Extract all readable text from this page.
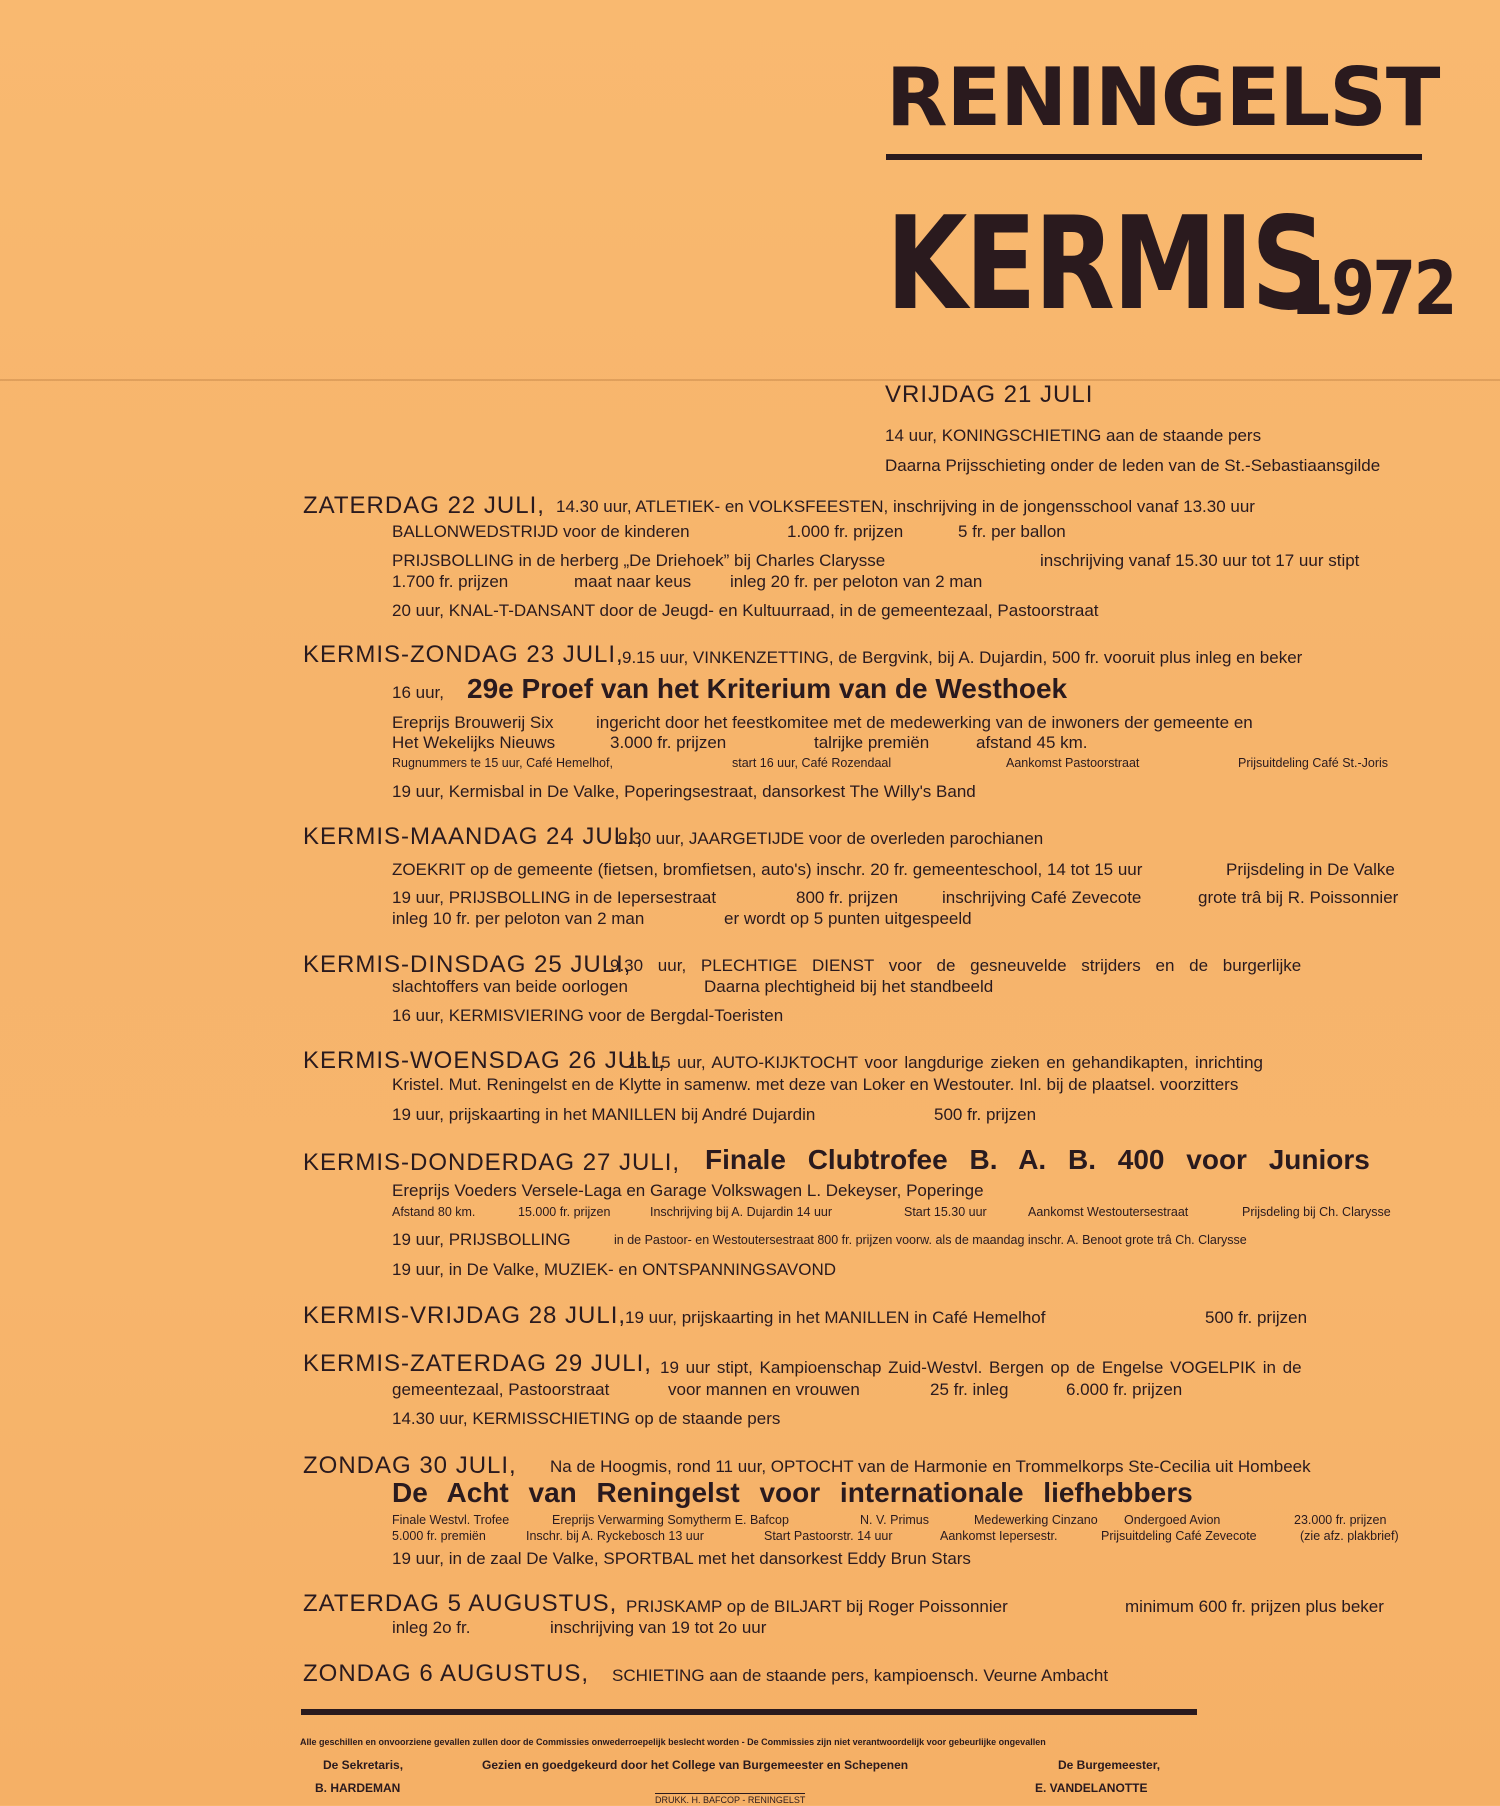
RENINGELST
KERMIS
1972
VRIJDAG 21 JULI
14 uur, KONINGSCHIETING aan de staande pers
Daarna Prijsschieting onder de leden van de St.-Sebastiaansgilde
ZATERDAG 22 JULI, 14.30 uur, ATLETIEK- en VOLKSFEESTEN, inschrijving in de jongensschool vanaf 13.30 uur
BALLONWEDSTRIJD voor de kinderen	1.000 fr. prijzen	5 fr. per ballon
PRIJSBOLLING in de herberg „De Driehoek” bij Charles Clarysse	inschrijving vanaf 15.30 uur tot 17 uur stipt
1.700 fr. prijzen	maat naar keus inleg 20 fr. per peloton van 2 man
20 uur, KNAL-T-DANSANT door de Jeugd- en Kultuurraad, in de gemeentezaal, Pastoorstraat
KERMIS-ZONDAG 23 JULI,
9.15 uur, VINKENZETTING, de Bergvink, bij A. Dujardin, 500 fr. vooruit plus inleg en beker
16 uur, 29e Proef van het Kriterium van de Westhoek
Ereprijs Brouwerij Six ingericht door het feestkomitee met de medewerking van de inwoners der gemeente en
Het Wekelijks Nieuws	3.000 fr. prijzen	talrijke premiën	afstand 45 km.
Rugnummers te 15 uur, Café Hemelhof,	start 16 uur, Café Rozendaal	Aankomst Pastoorstraat	Prijsuitdeling Café St.-Joris
19 uur, Kermisbal in De Valke, Poperingsestraat, dansorkest The Willy's Band
KERMIS-MAANDAG 24 JULI,
9.30 uur, JAARGETIJDE voor de overleden parochianen
ZOEKRIT op de gemeente (fietsen, bromfietsen, auto's) inschr. 20 fr. gemeenteschool, 14 tot 15 uur	Prijsdeling in De Valke
19 uur, PRIJSBOLLING in de Iepersestraat	800 fr. prijzen	inschrijving Café Zevecote	grote trâ bij R. Poissonnier
inleg 10 fr. per peloton van 2 man	er wordt op 5 punten uitgespeeld
KERMIS-DINSDAG 25 JULI,
9.30 uur, PLECHTIGE DIENST voor de gesneuvelde strijders en de burgerlijke
slachtoffers van beide oorlogen	Daarna plechtigheid bij het standbeeld
16 uur, KERMISVIERING voor de Bergdal-Toeristen
KERMIS-WOENSDAG 26 JULI,
13.15 uur, AUTO-KIJKTOCHT voor langdurige zieken en gehandikapten, inrichting
Kristel. Mut. Reningelst en de Klytte in samenw. met deze van Loker en Westouter. Inl. bij de plaatsel. voorzitters
19 uur, prijskaarting in het MANILLEN bij André Dujardin	500 fr. prijzen
KERMIS-DONDERDAG 27 JULI, Finale Clubtrofee B. A. B. 400 voor Juniors
Ereprijs Voeders Versele-Laga en Garage Volkswagen L. Dekeyser, Poperinge
Afstand 80 km.	15.000 fr. prijzen	Inschrijving bij A. Dujardin 14 uur	Start 15.30 uur	Aankomst Westoutersestraat	Prijsdeling bij Ch. Clarysse
19 uur, PRIJSBOLLING	in de Pastoor- en Westoutersestraat 800 fr. prijzen voorw. als de maandag inschr. A. Benoot grote trâ Ch. Clarysse
19 uur, in De Valke, MUZIEK- en ONTSPANNINGSAVOND
KERMIS-VRIJDAG 28 JULI,
19 uur, prijskaarting in het MANILLEN in Café Hemelhof	500 fr. prijzen
KERMIS-ZATERDAG 29 JULI, 19 uur stipt, Kampioenschap Zuid-Westvl. Bergen op de Engelse VOGELPIK in de
gemeentezaal, Pastoorstraat	voor mannen en vrouwen	25 fr. inleg	6.000 fr. prijzen
14.30 uur, KERMISSCHIETING op de staande pers
ZONDAG 30 JULI, Na de Hoogmis, rond 11 uur, OPTOCHT van de Harmonie en Trommelkorps Ste-Cecilia uit Hombeek
De Acht van Reningelst voor internationale liefhebbers
Finale Westvl. Trofee	Ereprijs Verwarming Somytherm E. Bafcop	N. V. Primus	Medewerking Cinzano Ondergoed Avion	23.000 fr. prijzen
5.000 fr. premiën	Inschr. bij A. Ryckebosch 13 uur	Start Pastoorstr. 14 uur	Aankomst Iepersestr.	Prijsuitdeling Café Zevecote	(zie afz. plakbrief)
19 uur, in de zaal De Valke, SPORTBAL met het dansorkest Eddy Brun Stars
ZATERDAG 5 AUGUSTUS, PRIJSKAMP op de BILJART bij Roger Poissonnier	minimum 600 fr. prijzen plus beker
inleg 2o fr.	inschrijving van 19 tot 2o uur
ZONDAG 6 AUGUSTUS, SCHIETING aan de staande pers, kampioensch. Veurne Ambacht
Alle geschillen en onvoorziene gevallen zullen door de Commissies onwederroepelijk beslecht worden - De Commissies zijn niet verantwoordelijk voor gebeurlijke ongevallen
De Sekretaris,
B. HARDEMAN
Gezien en goedgekeurd door het College van Burgemeester en Schepenen	De Burgemeester,
E. VANDELANOTTE
DRUKK. H. BAFCOP - RENINGELST
